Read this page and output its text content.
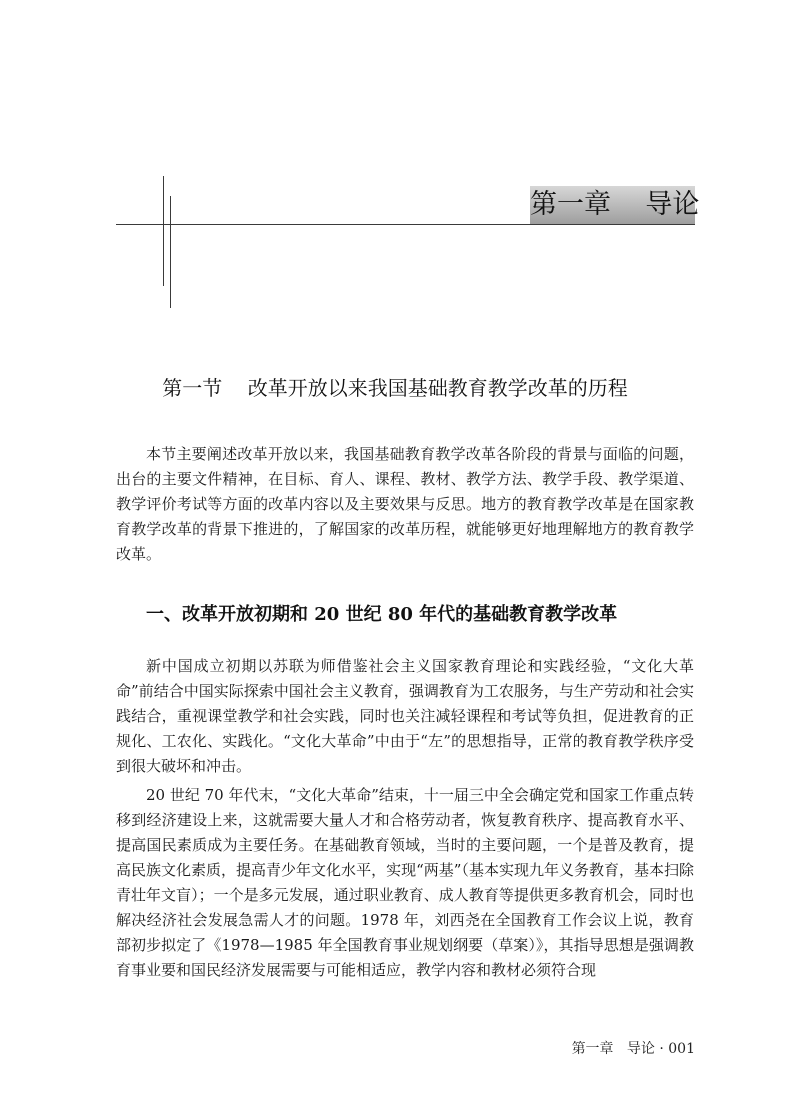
第一章    导论
第一节    改革开放以来我国基础教育教学改革的历程

本节主要阐述改革开放以来，我国基础教育教学改革各阶段的背景与面临的问题，出台的主要文件精神，在目标、育人、课程、教材、教学方法、教学手段、教学渠道、教学评价考试等方面的改革内容以及主要效果与反思。地方的教育教学改革是在国家教育教学改革的背景下推进的，了解国家的改革历程，就能够更好地理解地方的教育教学改革。

一、改革开放初期和 20 世纪 80 年代的基础教育教学改革

新中国成立初期以苏联为师借鉴社会主义国家教育理论和实践经验，“文化大革命”前结合中国实际探索中国社会主义教育，强调教育为工农服务，与生产劳动和社会实践结合，重视课堂教学和社会实践，同时也关注减轻课程和考试等负担，促进教育的正规化、工农化、实践化。“文化大革命”中由于“左”的思想指导，正常的教育教学秩序受到很大破坏和冲击。

20 世纪 70 年代末，“文化大革命”结束，十一届三中全会确定党和国家工作重点转移到经济建设上来，这就需要大量人才和合格劳动者，恢复教育秩序、提高教育水平、提高国民素质成为主要任务。在基础教育领域，当时的主要问题，一个是普及教育，提高民族文化素质，提高青少年文化水平，实现“两基”（基本实现九年义务教育，基本扫除青壮年文盲）；一个是多元发展，通过职业教育、成人教育等提供更多教育机会，同时也解决经济社会发展急需人才的问题。1978 年，刘西尧在全国教育工作会议上说，教育部初步拟定了《1978—1985 年全国教育事业规划纲要（草案）》，其指导思想是强调教育事业要和国民经济发展需要与可能相适应，教学内容和教材必须符合现

第一章   导论 · 001
